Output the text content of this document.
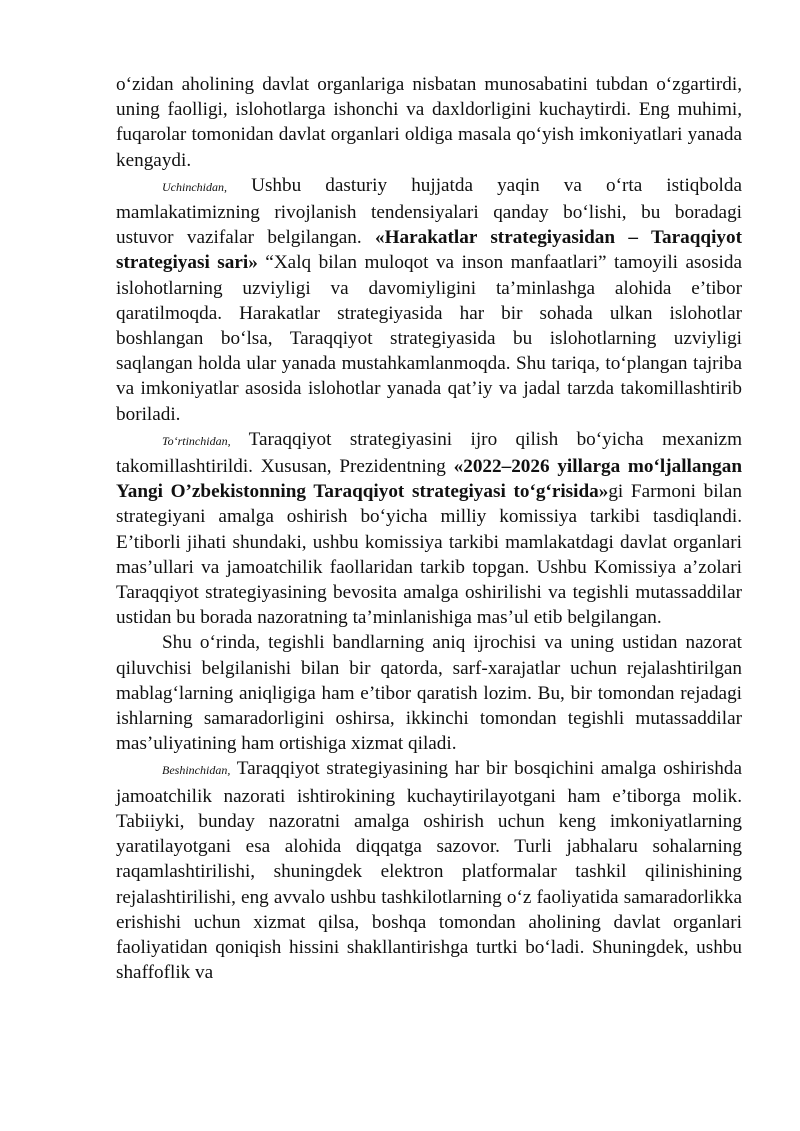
o‘zidan aholining davlat organlariga nisbatan munosabatini tubdan o‘zgartirdi, uning faolligi, islohotlarga ishonchi va daxldorligini kuchaytirdi. Eng muhimi, fuqarolar tomonidan davlat organlari oldiga masala qo‘yish imkoniyatlari yanada kengaydi.

Uchinchidan, Ushbu dasturiy hujjatda yaqin va o‘rta istiqbolda mamlakatimizning rivojlanish tendensiyalari qanday bo‘lishi, bu boradagi ustuvor vazifalar belgilangan. «Harakatlar strategiyasidan – Taraqqiyot strategiyasi sari» “Xalq bilan muloqot va inson manfaatlari” tamoyili asosida islohotlarning uzviyligi va davomiyligini ta’minlashga alohida e’tibor qaratilmoqda. Harakatlar strategiyasida har bir sohada ulkan islohotlar boshlangan bo‘lsa, Taraqqiyot strategiyasida bu islohotlarning uzviyligi saqlangan holda ular yanada mustahkamlanmoqda. Shu tariqa, to‘plangan tajriba va imkoniyatlar asosida islohotlar yanada qat’iy va jadal tarzda takomillashtirib boriladi.

To‘rtinchidan, Taraqqiyot strategiyasini ijro qilish bo‘yicha mexanizm takomillashtirildi. Xususan, Prezidentning «2022–2026 yillarga mo‘ljallangan Yangi O’zbekistonning Taraqqiyot strategiyasi to‘g‘risida»gi Farmoni bilan strategiyani amalga oshirish bo‘yicha milliy komissiya tarkibi tasdiqlandi. E’tiborli jihati shundaki, ushbu komissiya tarkibi mamlakatdagi davlat organlari mas’ullari va jamoatchilik faollaridan tarkib topgan. Ushbu Komissiya a’zolari Taraqqiyot strategiyasining bevosita amalga oshirilishi va tegishli mutassaddilar ustidan bu borada nazoratning ta’minlanishiga mas’ul etib belgilangan.

Shu o‘rinda, tegishli bandlarning aniq ijrochisi va uning ustidan nazorat qiluvchisi belgilanishi bilan bir qatorda, sarf-xarajatlar uchun rejalashtirilgan mablag‘larning aniqligiga ham e’tibor qaratish lozim. Bu, bir tomondan rejadagi ishlarning samaradorligini oshirsa, ikkinchi tomondan tegishli mutassaddilar mas’uliyatining ham ortishiga xizmat qiladi.

Beshinchidan, Taraqqiyot strategiyasining har bir bosqichini amalga oshirishda jamoatchilik nazorati ishtirokining kuchaytirilayotgani ham e’tiborga molik. Tabiiyki, bunday nazoratni amalga oshirish uchun keng imkoniyatlarning yaratilayotgani esa alohida diqqatga sazovor. Turli jabhalaru sohalarning raqamlashtirilishi, shuningdek elektron platformalar tashkil qilinishining rejalashtirilishi, eng avvalo ushbu tashkilotlarning o‘z faoliyatida samaradorlikka erishishi uchun xizmat qilsa, boshqa tomondan aholining davlat organlari faoliyatidan qoniqish hissini shakllantirishga turtki bo‘ladi. Shuningdek, ushbu shaffoflik va
